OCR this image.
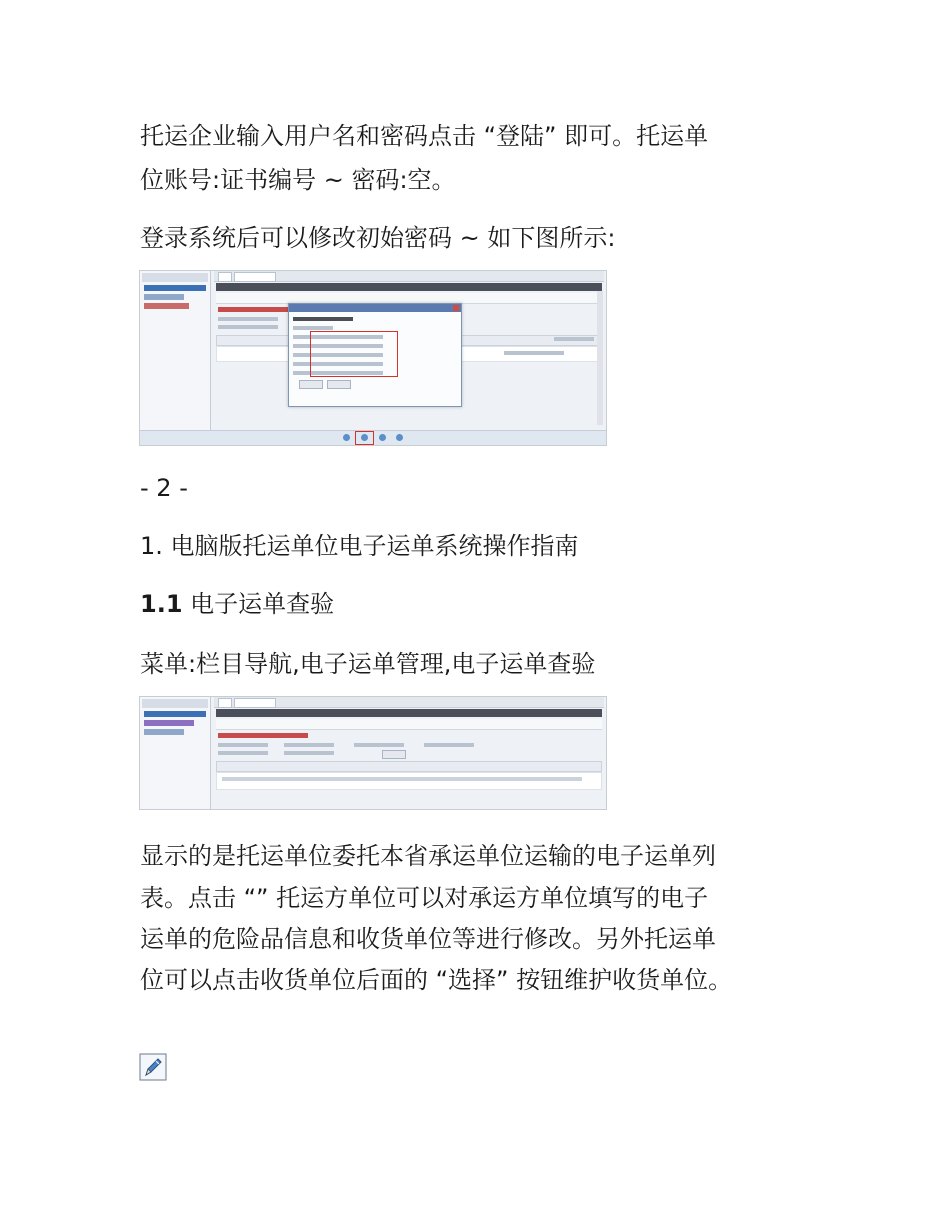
托运企业输入用户名和密码点击 “登陆” 即可。托运单

位账号:证书编号 ~ 密码:空。

登录系统后可以修改初始密码 ~ 如下图所示:

- 2 -

1. 电脑版托运单位电子运单系统操作指南

1.1 电子运单查验

菜单:栏目导航,电子运单管理,电子运单查验

显示的是托运单位委托本省承运单位运输的电子运单列

表。点击 “” 托运方单位可以对承运方单位填写的电子

运单的危险品信息和收货单位等进行修改。另外托运单

位可以点击收货单位后面的 “选择” 按钮维护收货单位。
